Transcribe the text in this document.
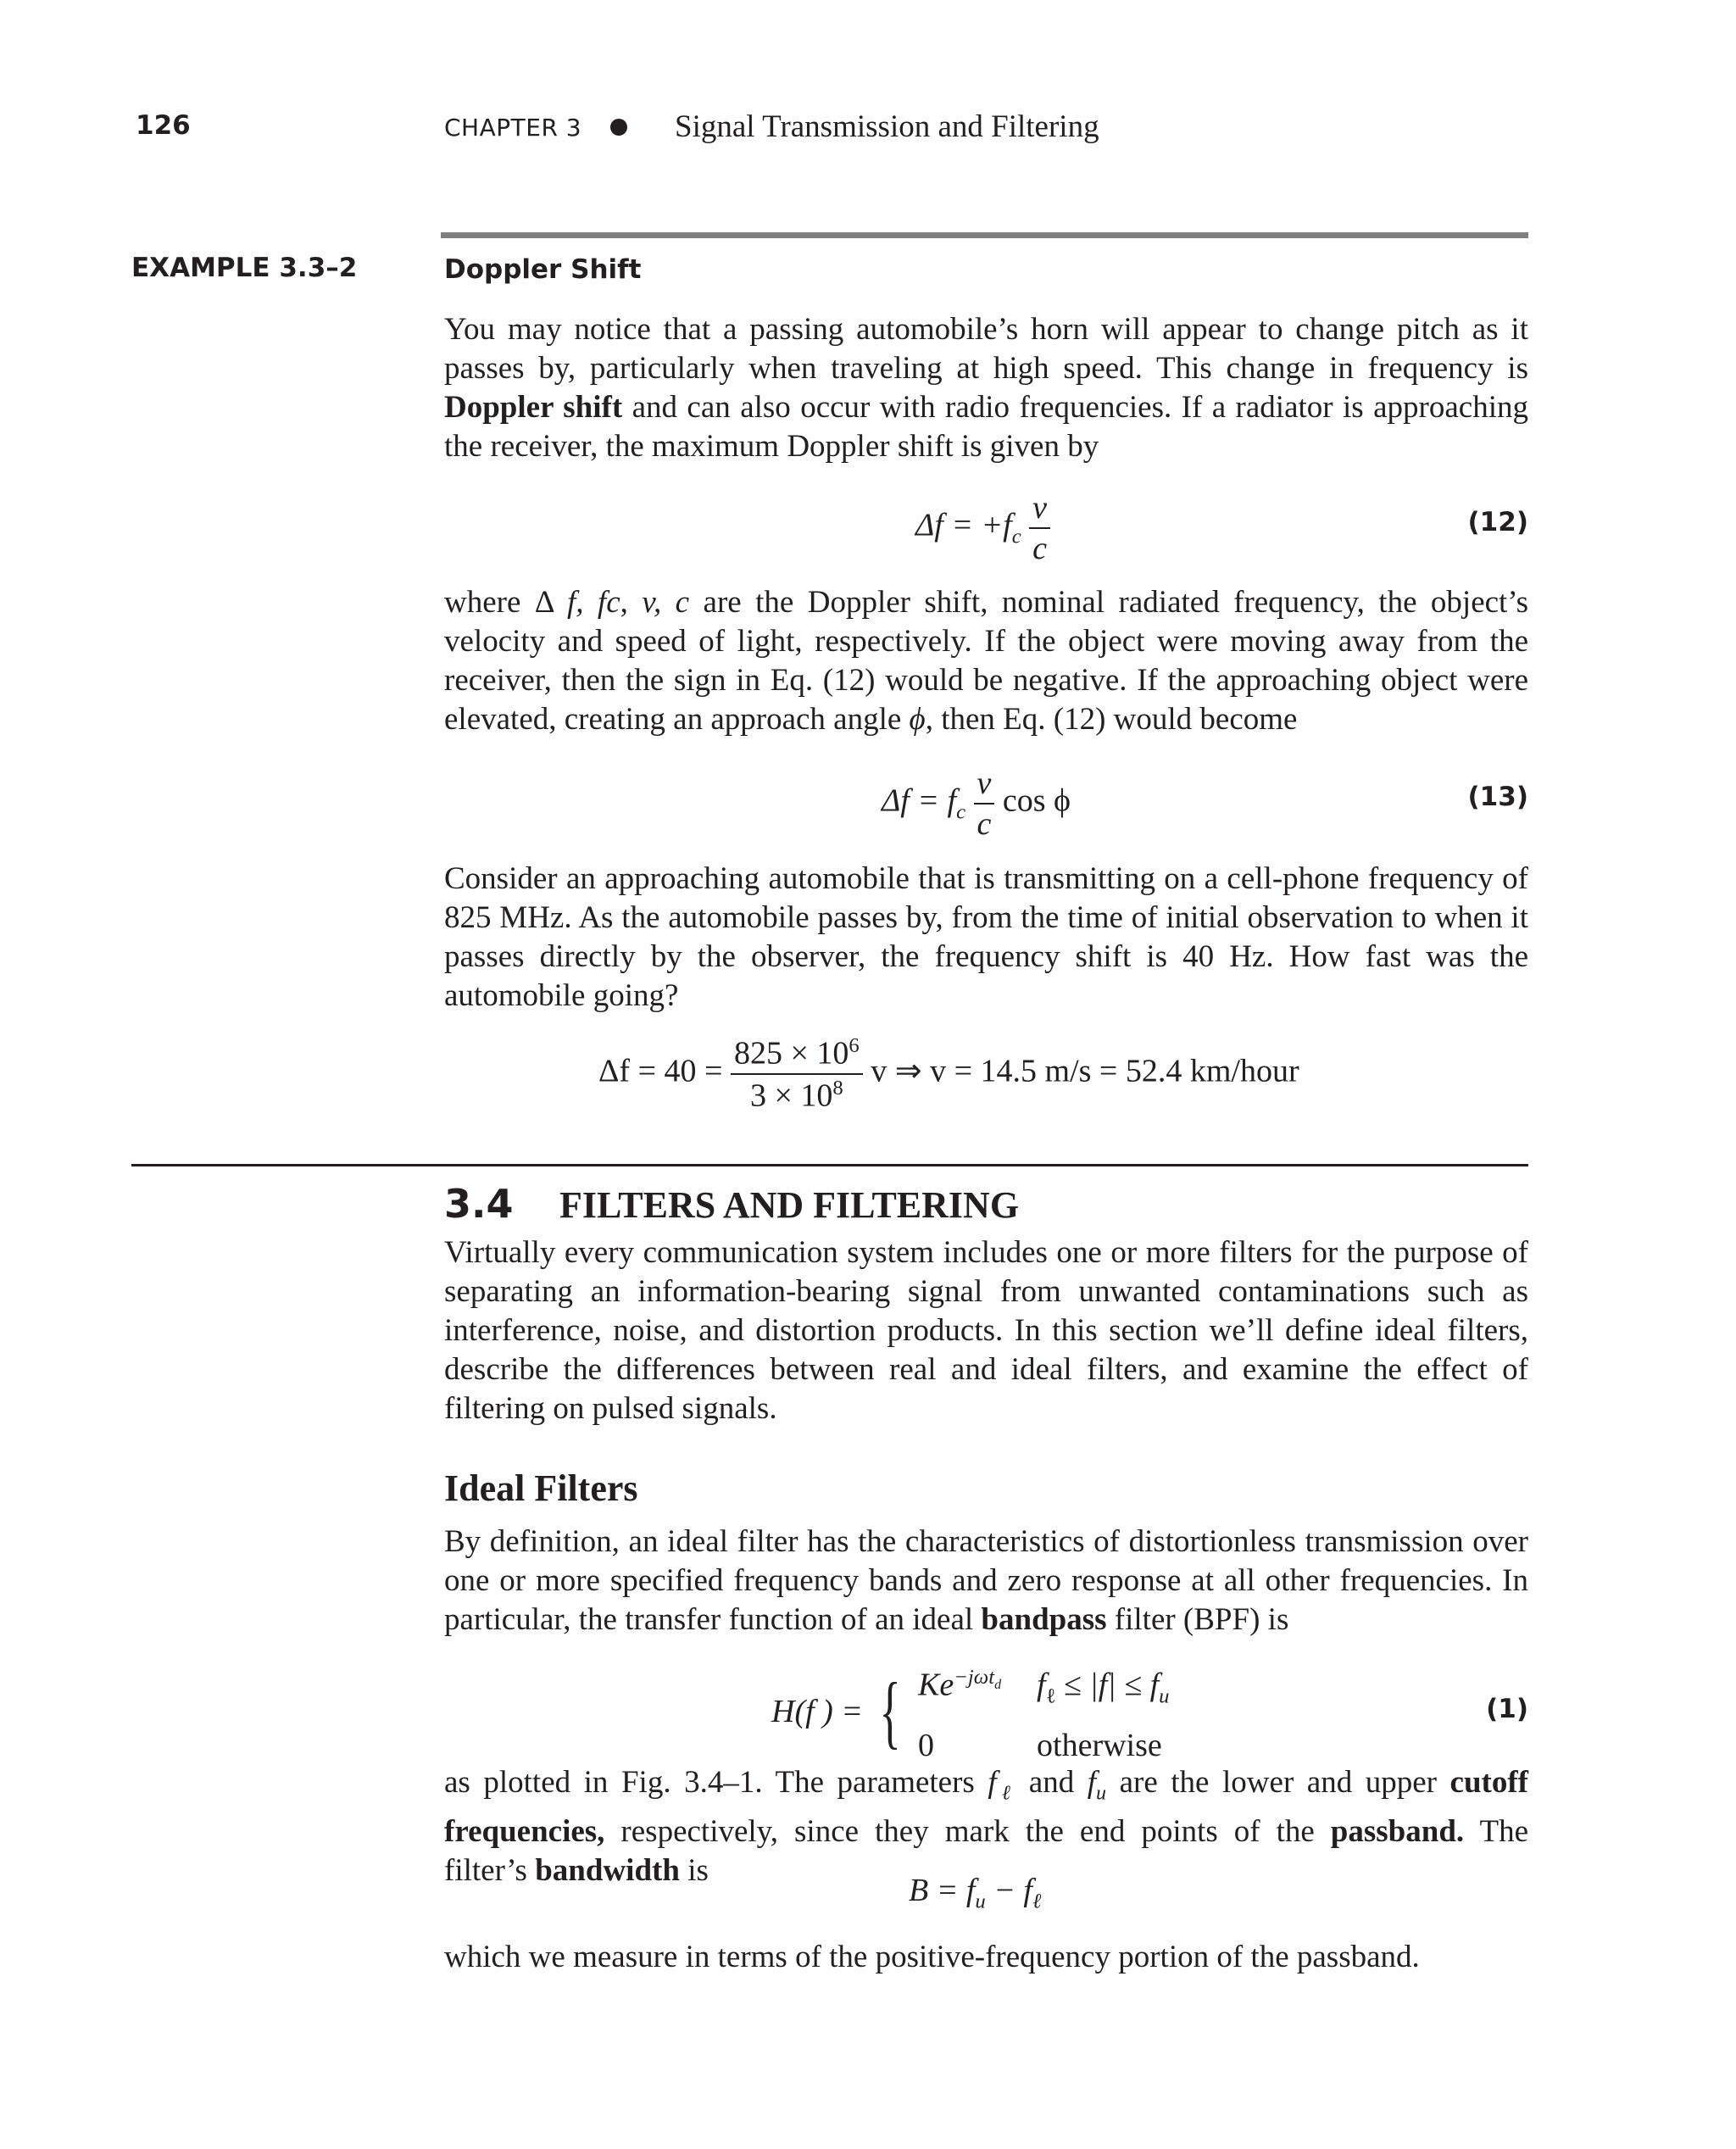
126	CHAPTER 3	Signal Transmission and Filtering
EXAMPLE 3.3–2	Doppler Shift
You may notice that a passing automobile’s horn will appear to change pitch as it passes by, particularly when traveling at high speed. This change in frequency is Doppler shift and can also occur with radio frequencies. If a radiator is approaching the receiver, the maximum Doppler shift is given by
$\Delta f = +f_c \frac{v}{c}$	(12)
where Δ f, fc, v, c are the Doppler shift, nominal radiated frequency, the object’s velocity and speed of light, respectively. If the object were moving away from the receiver, then the sign in Eq. (12) would be negative. If the approaching object were elevated, creating an approach angle ϕ, then Eq. (12) would become
$\Delta f = f_c \frac{v}{c}$ cos ϕ	(13)
Consider an approaching automobile that is transmitting on a cell-phone frequency of 825 MHz. As the automobile passes by, from the time of initial observation to when it passes directly by the observer, the frequency shift is 40 Hz. How fast was the automobile going?
$\Delta f = 40 = \frac{825 \times 10^6}{3 \times 10^8}$ v ⇒ v = 14.5 m/s = 52.4 km/hour
3.4 FILTERS AND FILTERING
Virtually every communication system includes one or more filters for the purpose of separating an information-bearing signal from unwanted contaminations such as interference, noise, and distortion products. In this section we’ll define ideal filters, describe the differences between real and ideal filters, and examine the effect of filtering on pulsed signals.
Ideal Filters
By definition, an ideal filter has the characteristics of distortionless transmission over one or more specified frequency bands and zero response at all other frequencies. In particular, the transfer function of an ideal bandpass filter (BPF) is
H(f ) = { $Ke^{-j\omega t_d}$ $f_\ell \le |f| \le f_u$
0	otherwise
(1)
as plotted in Fig. 3.4–1. The parameters $f_\ell$ and $f_u$ are the lower and upper cutoff frequencies, respectively, since they mark the end points of the passband. The filter’s bandwidth is
$B = f_u - f_\ell$
which we measure in terms of the positive-frequency portion of the passband.
